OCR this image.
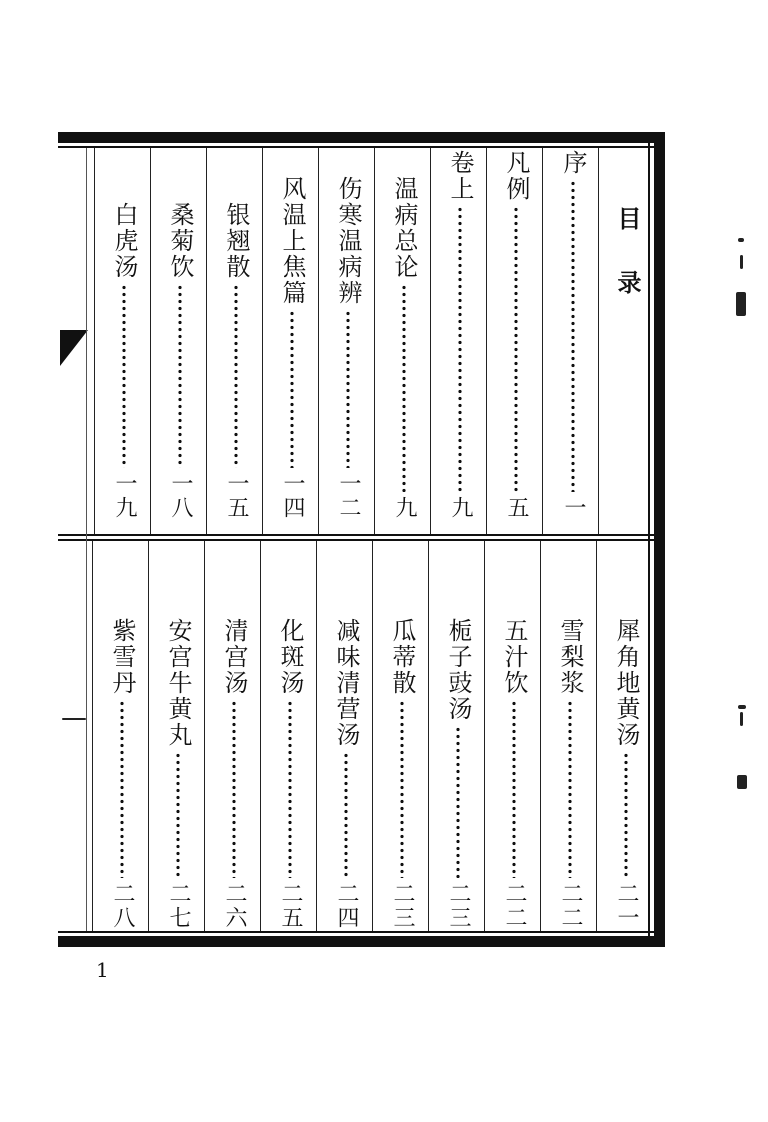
目录
序
一
凡例
五
卷上
九
温病总论
九
伤寒温病辨
一二
风温上焦篇
一四
银翘散
一五
桑菊饮
一八
白虎汤
一九
犀角地黄汤
二一
雪梨浆
二二
五汁饮
二二
栀子豉汤
二三
瓜蒂散
二三
减味清营汤
二四
化斑汤
二五
清宫汤
二六
安宫牛黄丸
二七
紫雪丹
二八
1
